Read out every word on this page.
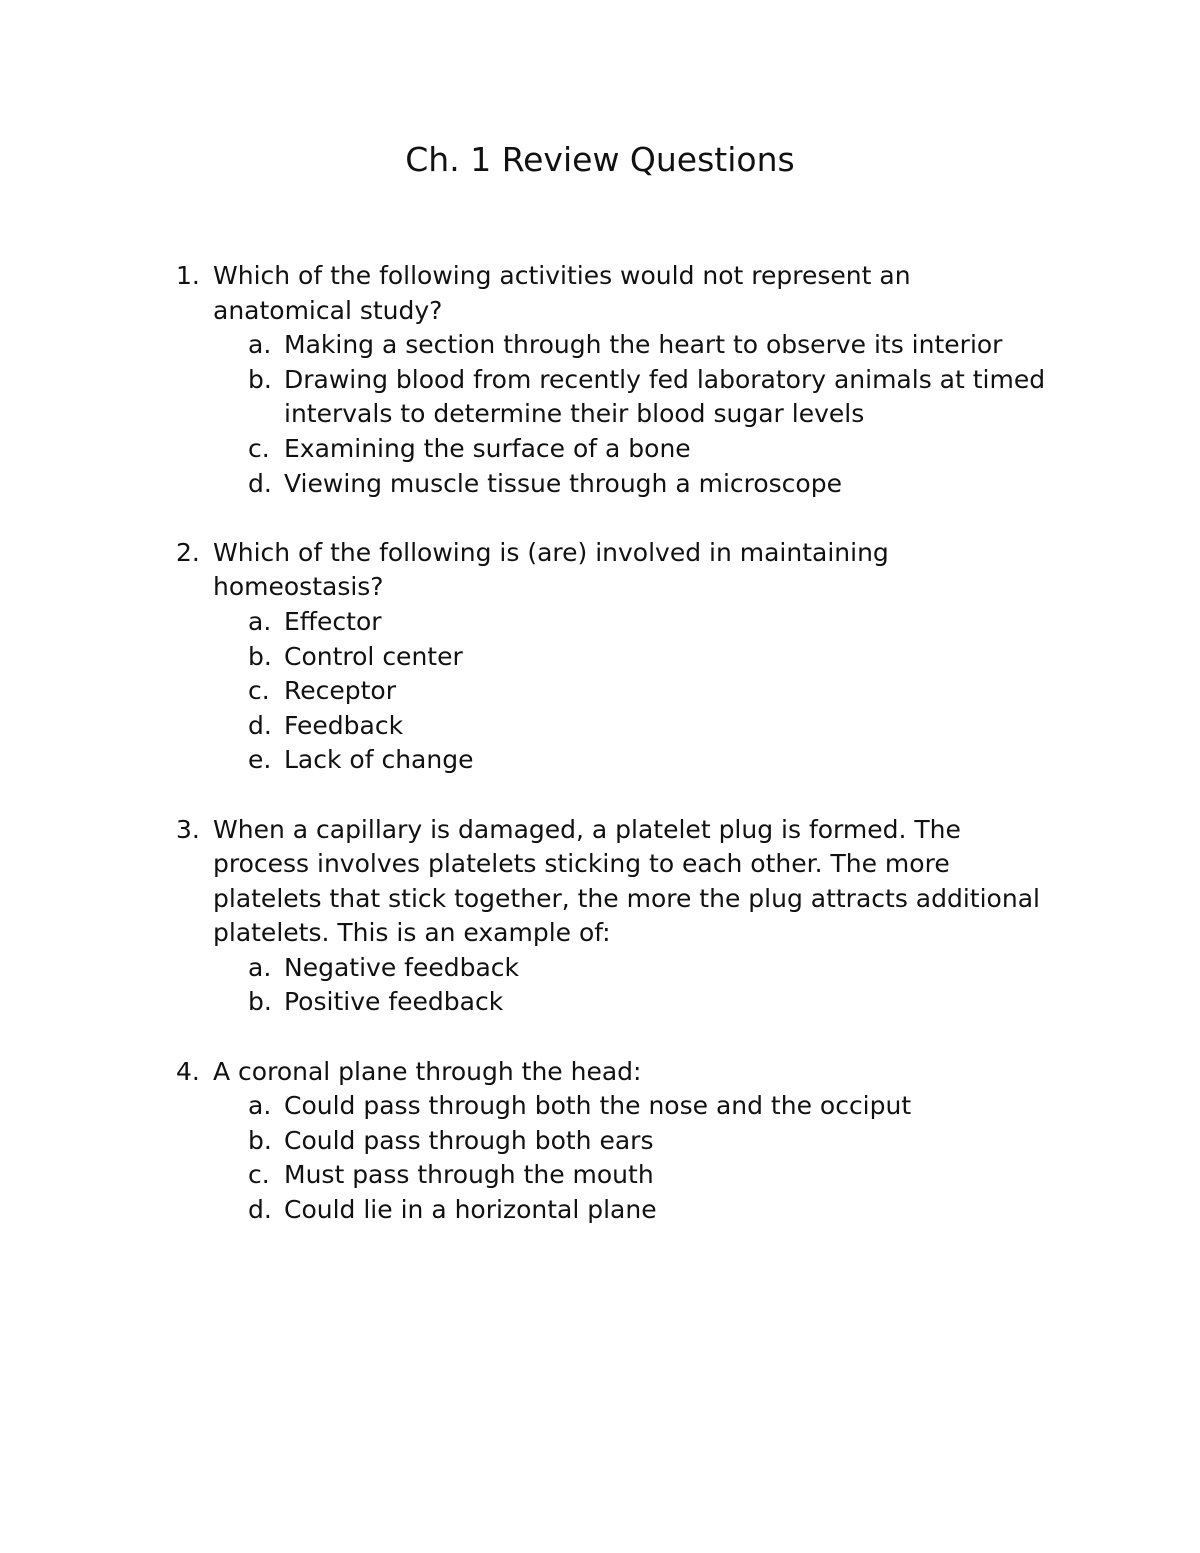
Ch. 1 Review Questions
1. Which of the following activities would not represent an anatomical study?
a. Making a section through the heart to observe its interior
b. Drawing blood from recently fed laboratory animals at timed intervals to determine their blood sugar levels
c. Examining the surface of a bone
d. Viewing muscle tissue through a microscope
2. Which of the following is (are) involved in maintaining homeostasis?
a. Effector
b. Control center
c. Receptor
d. Feedback
e. Lack of change
3. When a capillary is damaged, a platelet plug is formed. The process involves platelets sticking to each other. The more platelets that stick together, the more the plug attracts additional platelets. This is an example of:
a. Negative feedback
b. Positive feedback
4. A coronal plane through the head:
a. Could pass through both the nose and the occiput
b. Could pass through both ears
c. Must pass through the mouth
d. Could lie in a horizontal plane
